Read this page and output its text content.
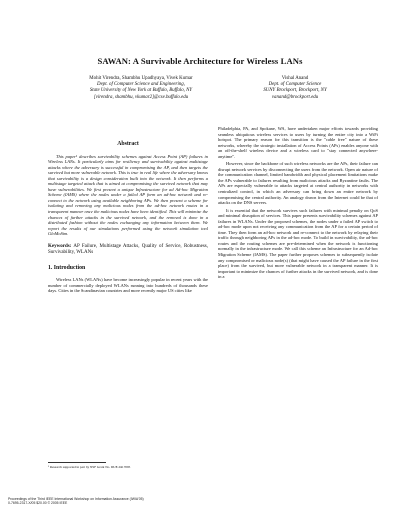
SAWAN: A Survivable Architecture for Wireless LANs
Mohit Virendra, Shambhu Upadhyaya, Vivek Kumar
Dept. of Computer Science and Engineering,
State University of New York at Buffalo, Buffalo, NY
[virendra, shambhu, vkumar2]@cse.buffalo.edu
Vishal Anand
Dept. of Computer Science
SUNY Brockport, Brockport, NY
vanand@brockport.edu
Abstract

This paper¹ describes survivability schemes against Access Point (AP) failures in Wireless LANs. It particularly aims for resiliency and survivability against multistage attacks where the adversary is successful in compromising the AP, and then targets the survived but more vulnerable network. This is true in real life where the adversary knows that survivability is a design consideration built into the network. It then performs a multistage targeted attack that is aimed at compromising the survived network that may have vulnerabilities. We first present a unique Infrastructure for ad Ad-hoc Migration Scheme (IAMS) where the nodes under a failed AP form an ad-hoc network and re-connect to the network using available neighboring APs. We then present a scheme for isolating and removing any malicious nodes from the ad-hoc network routes in a transparent manner once the malicious nodes have been identified. This will minimize the chances of further attacks in the survived network, and the removal is done in a distributed fashion without the nodes exchanging any information between them. We report the results of our simulations performed using the network simulation tool GloMoSim.

Keywords: AP Failure, Multistage Attacks, Quality of Service, Robustness, Survivability, WLANs
1. Introduction

Wireless LANs (WLANs) have become increasingly popular in recent years with the number of commercially deployed WLANs running into hundreds of thousands these days. Cities in the Scandinavian countries and more recently major US cities like

Philadelphia, PA, and Spokane, WA, have undertaken major efforts towards providing seamless ubiquitous wireless services to users by turning the entire city into a WiFi hotspot. The primary reason for this transition is the "cable free" nature of these networks, whereby the strategic installation of Access Points (APs) enables anyone with an off-the-shelf wireless device and a wireless card to "stay connected anywhere-anytime".

However, since the backbone of such wireless networks are the APs, their failure can disrupt network services by disconnecting the users from the network. Open air nature of the communication channel, limited bandwidth and physical placement limitations make the APs vulnerable to failures resulting from malicious attacks and Byzantine faults. The APs are especially vulnerable to attacks targeted at central authority in networks with centralized control, in which an adversary can bring down an entire network by compromising the central authority. An analogy drawn from the Internet could be that of attacks on the DNS servers.

It is essential that the network survives such failures with minimal penalty on QoS and minimal disruption of services. This paper presents survivability schemes against AP failures in WLANs. Under the proposed schemes, the nodes under a failed AP switch to ad-hoc mode upon not receiving any communication from the AP for a certain period of time. They then form an ad-hoc network and re-connect to the network by relaying their traffic through neighboring APs in the ad-hoc mode. To build in survivability, the ad-hoc routes and the routing schemes are pre-determined when the network is functioning normally in the infrastructure mode. We call this scheme an Infrastructure for an Ad-hoc Migration Scheme (IAMS). The paper further proposes schemes to subsequently isolate any compromised or malicious node(s) (that might have caused the AP failure in the first place) from the survived, but more vulnerable network in a transparent manner. It is important to minimize the chances of further attacks in the survived network, and is done in a

¹ Research supported in part by NSF Grant No. DUE-0417095
Proceedings of the Third IEEE International Workshop on Information Assurance (IWIA'05)
0-7695-2317-X/05 $20.00 © 2005 IEEE
